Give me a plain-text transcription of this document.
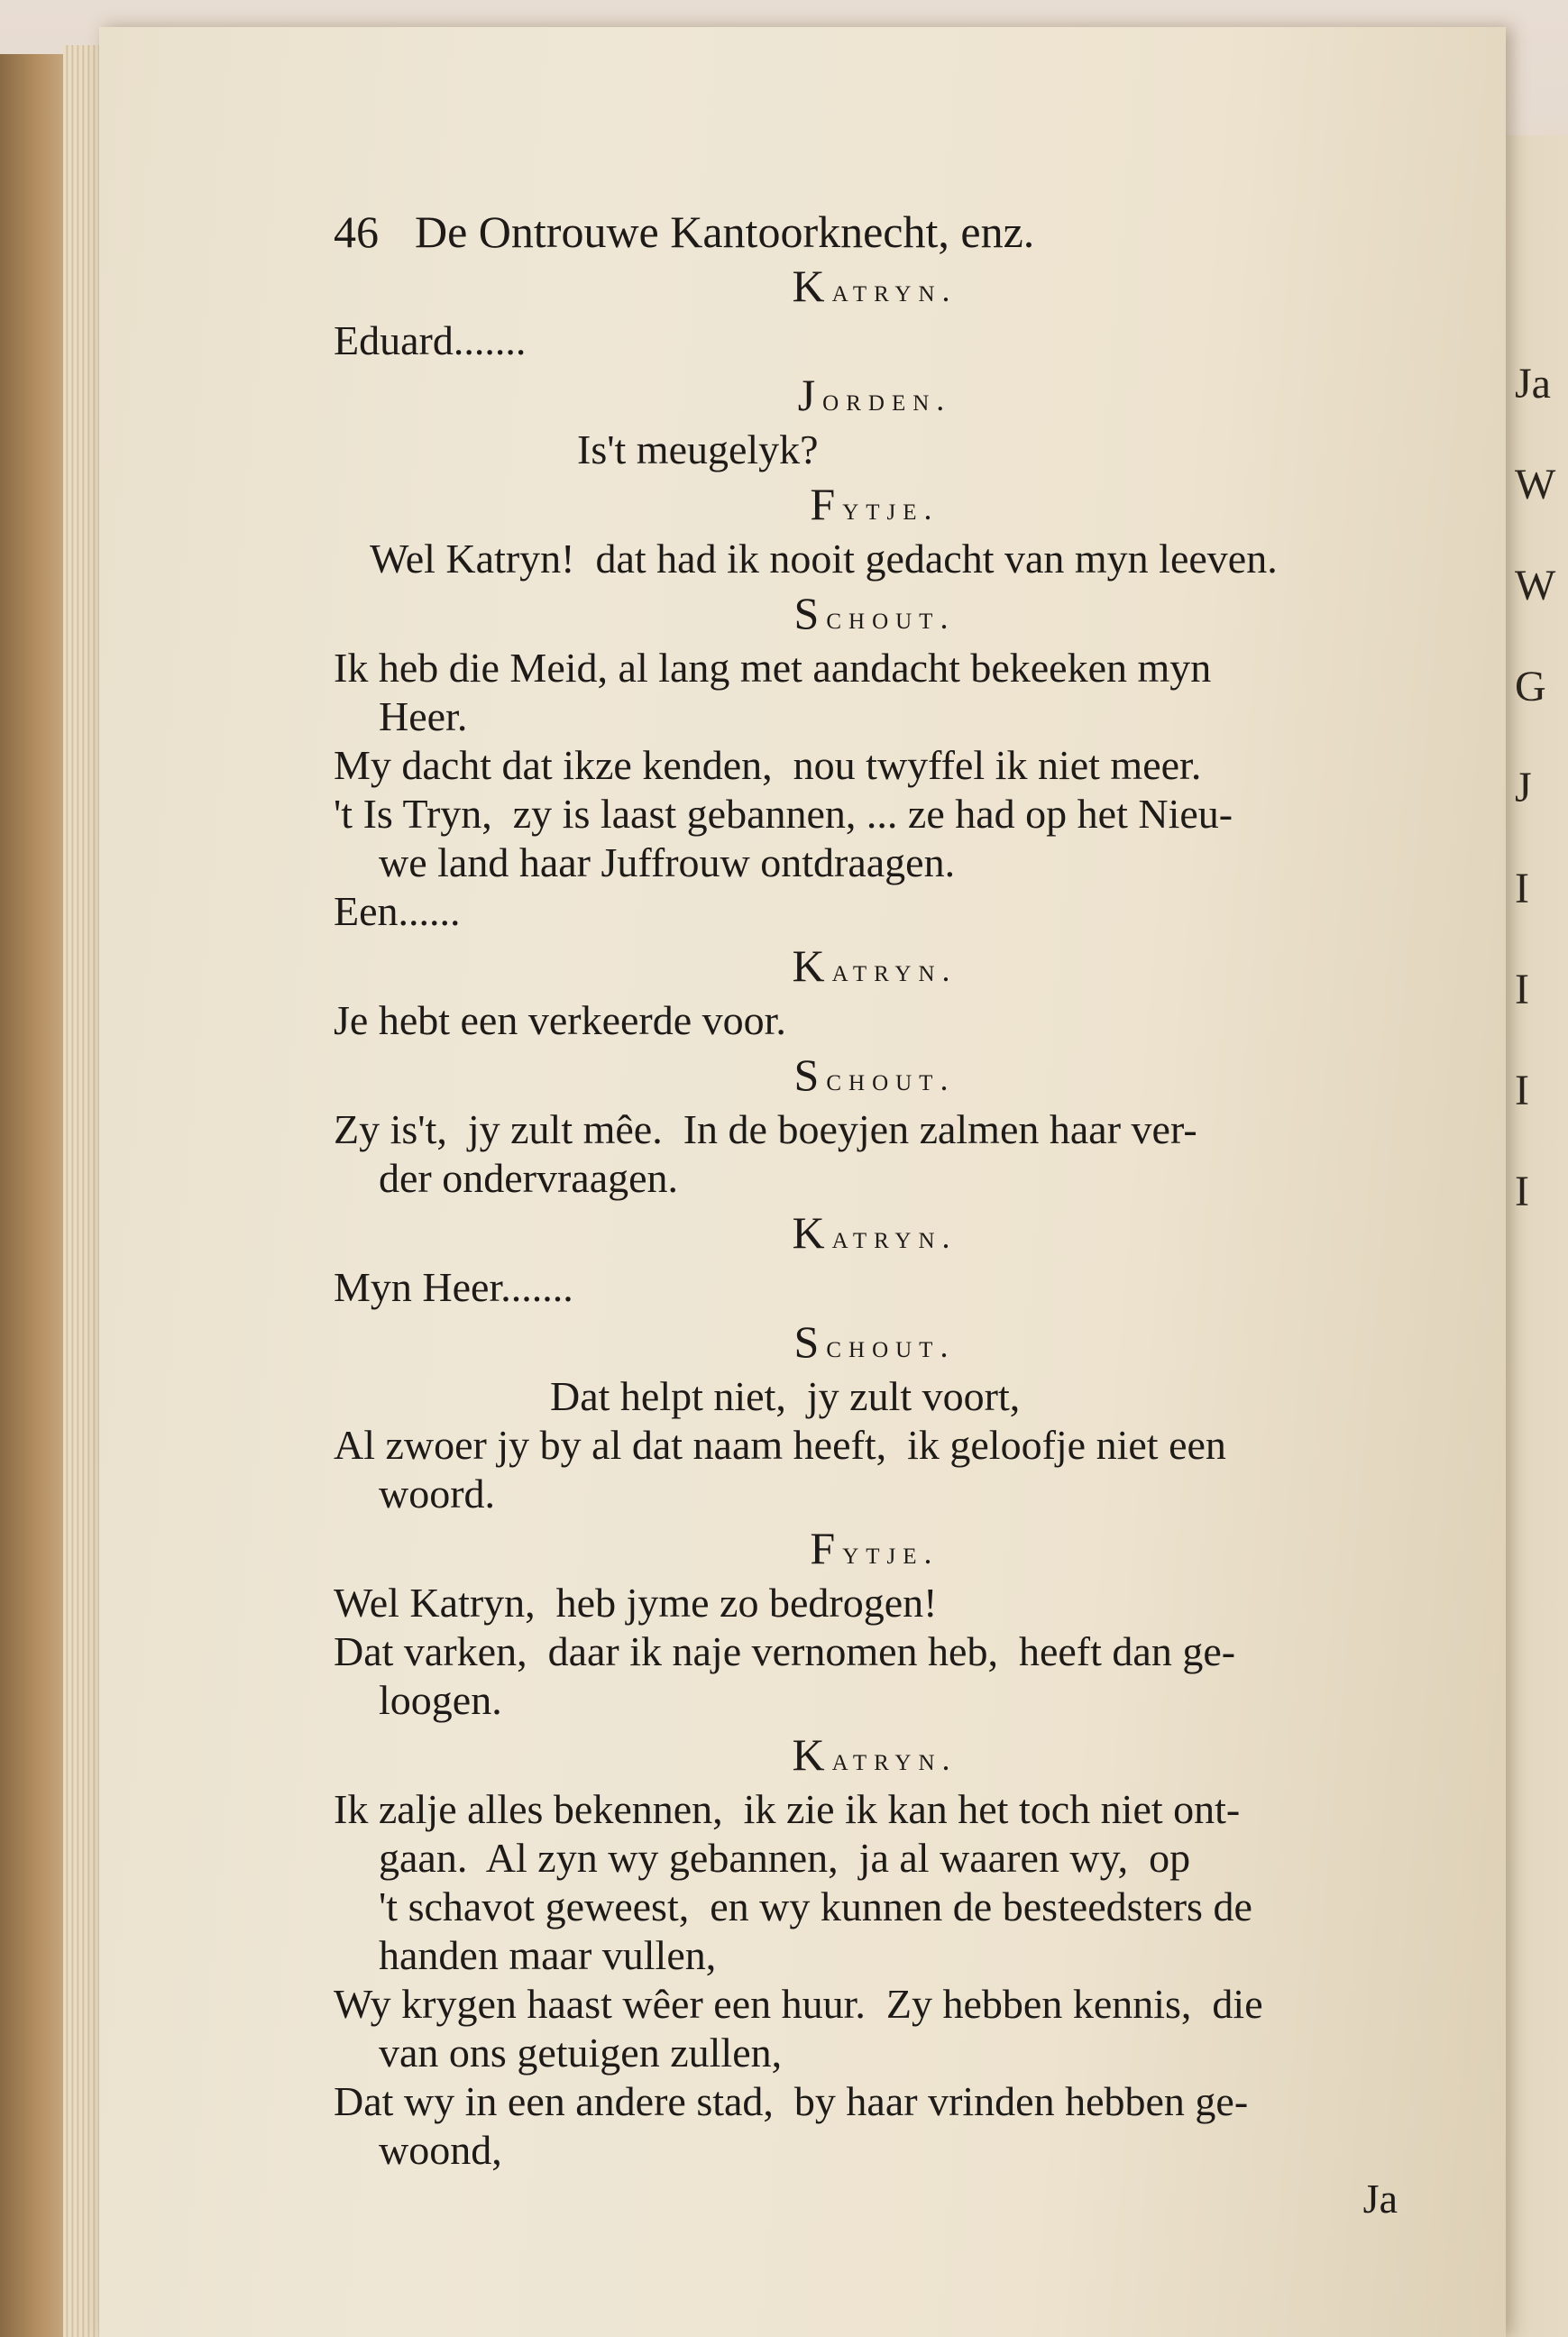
Ja
W
W
G
J
I
I
I
I
46 De Ontrouwe Kantoorknecht, enz.
Katryn.
Eduard.......
Jorden.
Is't meugelyk?
Fytje.
Wel Katryn!  dat had ik nooit gedacht van myn leeven.
Schout.
Ik heb die Meid, al lang met aandacht bekeeken myn
Heer.
My dacht dat ikze kenden,  nou twyffel ik niet meer.
't Is Tryn,  zy is laast gebannen, ... ze had op het Nieu-
we land haar Juffrouw ontdraagen.
Een......
Katryn.
Je hebt een verkeerde voor.
Schout.
Zy is't,  jy zult mêe.  In de boeyjen zalmen haar ver-
der ondervraagen.
Katryn.
Myn Heer.......
Schout.
Dat helpt niet,  jy zult voort,
Al zwoer jy by al dat naam heeft,  ik geloofje niet een
woord.
Fytje.
Wel Katryn,  heb jyme zo bedrogen!
Dat varken,  daar ik naje vernomen heb,  heeft dan ge-
loogen.
Katryn.
Ik zalje alles bekennen,  ik zie ik kan het toch niet ont-
gaan.  Al zyn wy gebannen,  ja al waaren wy,  op
't schavot geweest,  en wy kunnen de besteedsters de
handen maar vullen,
Wy krygen haast wêer een huur.  Zy hebben kennis,  die
van ons getuigen zullen,
Dat wy in een andere stad,  by haar vrinden hebben ge-
woond,
Ja
